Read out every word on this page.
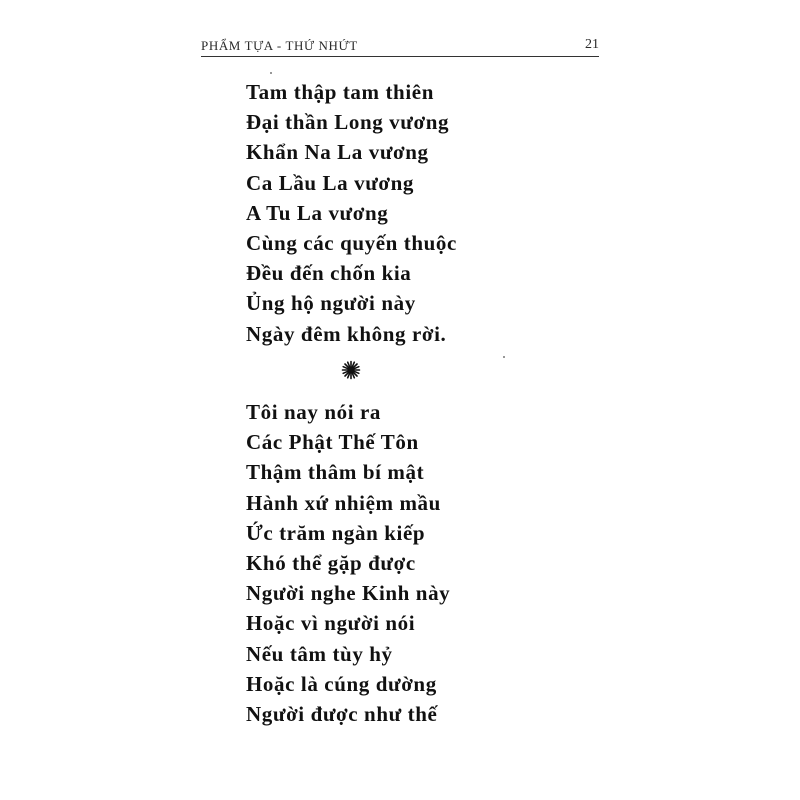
PHẨM TỰA - THỨ NHỨT	21
Tam thập tam thiên
Đại thần Long vương
Khẩn Na La vương
Ca Lầu La vương
A Tu La vương
Cùng các quyến thuộc
Đều đến chốn kia
Ủng hộ người này
Ngày đêm không rời.
Tôi nay nói ra
Các Phật Thế Tôn
Thậm thâm bí mật
Hành xứ nhiệm mầu
Ức trăm ngàn kiếp
Khó thể gặp được
Người nghe Kinh này
Hoặc vì người nói
Nếu tâm tùy hỷ
Hoặc là cúng dường
Người được như thế
